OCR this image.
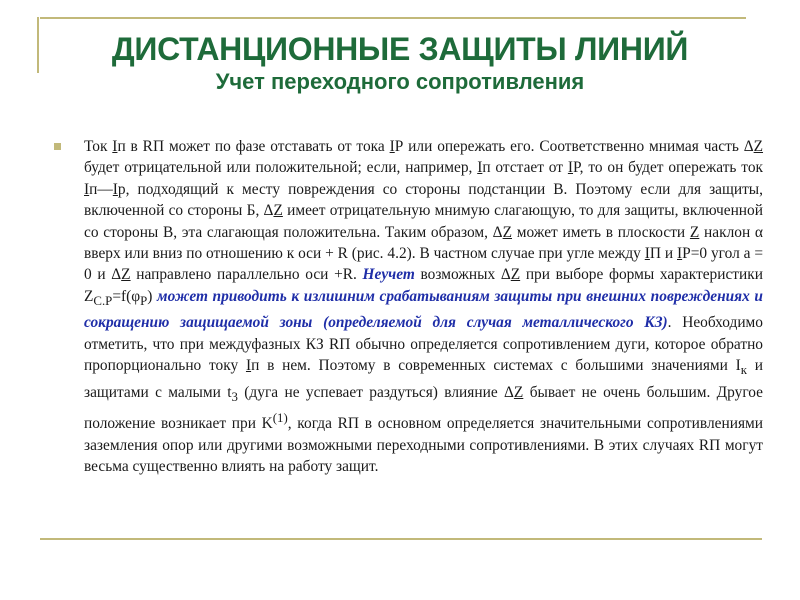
ДИСТАНЦИОННЫЕ ЗАЩИТЫ ЛИНИЙ
Учет переходного сопротивления
Ток Iп в RП может по фазе отставать от тока IР или опережать его. Соответственно мнимая часть ΔZ будет отрицательной или положительной; если, например, Iп отстает от IР, то он будет опережать ток Iп—Iр, подходящий к месту повреждения со стороны подстанции В. Поэтому если для защиты, включенной со стороны Б, ΔZ имеет отрицательную мнимую слагающую, то для защиты, включенной со стороны В, эта слагающая положительна. Таким образом, ΔZ может иметь в плоскости Z наклон α вверх или вниз по отношению к оси + R (рис. 4.2). В частном случае при угле между IП и IР=0 угол а = 0 и ΔZ направлено параллельно оси +R. Неучет возможных ΔZ при выборе формы характеристики $Z_{С.Р}=f(\varphi_Р)$ может приводить к излишним срабатываниям защиты при внешних повреждениях и сокращению защищаемой зоны (определяемой для случая металлического КЗ). Необходимо отметить, что при междуфазных КЗ RП обычно определяется сопротивлением дуги, которое обратно пропорционально току Iп в нем. Поэтому в современных системах с большими значениями $I_к$ и защитами с малыми $t_3$ (дуга не успевает раздуться) влияние ΔZ бывает не очень большим. Другое положение возникает при $K^{(1)}$, когда RП в основном определяется значительными сопротивлениями заземления опор или другими возможными переходными сопротивлениями. В этих случаях RП могут весьма существенно влиять на работу защит.
